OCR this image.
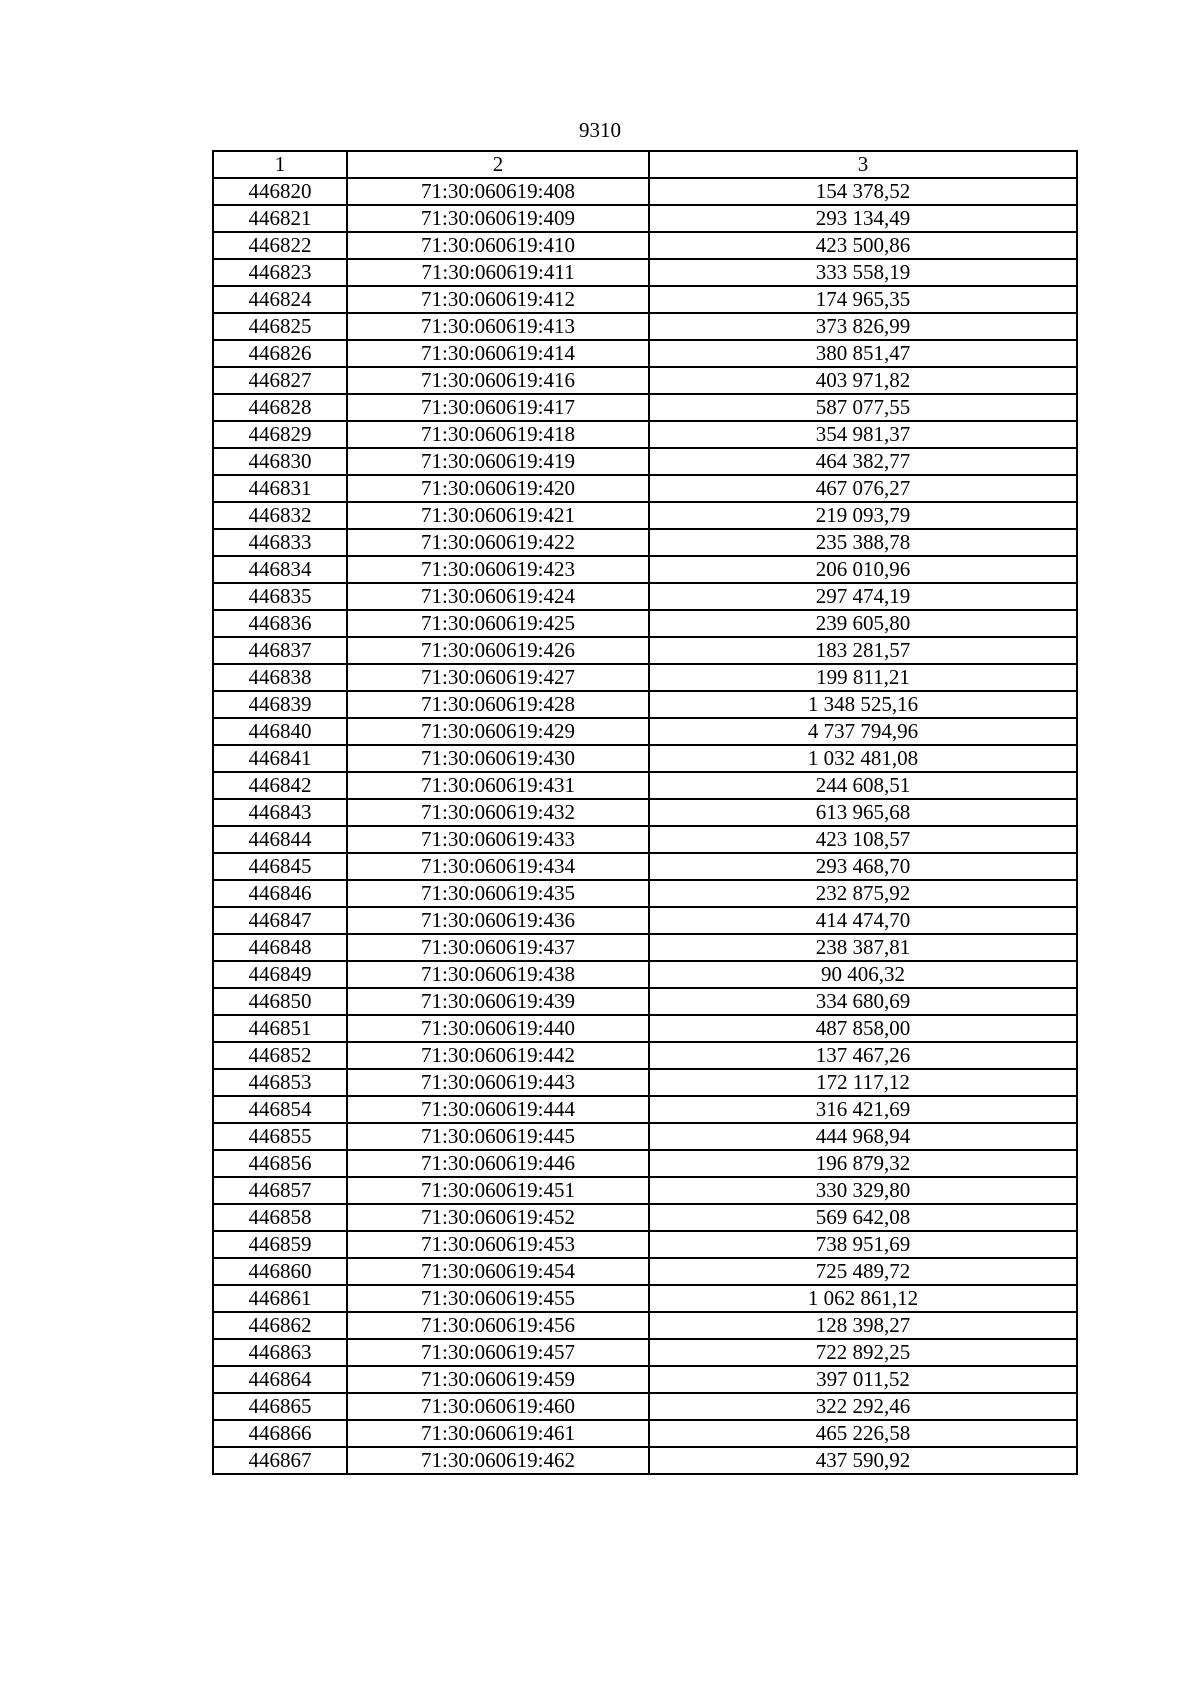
9310
1	2	3
446820	71:30:060619:408	154 378,52
446821	71:30:060619:409	293 134,49
446822	71:30:060619:410	423 500,86
446823	71:30:060619:411	333 558,19
446824	71:30:060619:412	174 965,35
446825	71:30:060619:413	373 826,99
446826	71:30:060619:414	380 851,47
446827	71:30:060619:416	403 971,82
446828	71:30:060619:417	587 077,55
446829	71:30:060619:418	354 981,37
446830	71:30:060619:419	464 382,77
446831	71:30:060619:420	467 076,27
446832	71:30:060619:421	219 093,79
446833	71:30:060619:422	235 388,78
446834	71:30:060619:423	206 010,96
446835	71:30:060619:424	297 474,19
446836	71:30:060619:425	239 605,80
446837	71:30:060619:426	183 281,57
446838	71:30:060619:427	199 811,21
446839	71:30:060619:428	1 348 525,16
446840	71:30:060619:429	4 737 794,96
446841	71:30:060619:430	1 032 481,08
446842	71:30:060619:431	244 608,51
446843	71:30:060619:432	613 965,68
446844	71:30:060619:433	423 108,57
446845	71:30:060619:434	293 468,70
446846	71:30:060619:435	232 875,92
446847	71:30:060619:436	414 474,70
446848	71:30:060619:437	238 387,81
446849	71:30:060619:438	90 406,32
446850	71:30:060619:439	334 680,69
446851	71:30:060619:440	487 858,00
446852	71:30:060619:442	137 467,26
446853	71:30:060619:443	172 117,12
446854	71:30:060619:444	316 421,69
446855	71:30:060619:445	444 968,94
446856	71:30:060619:446	196 879,32
446857	71:30:060619:451	330 329,80
446858	71:30:060619:452	569 642,08
446859	71:30:060619:453	738 951,69
446860	71:30:060619:454	725 489,72
446861	71:30:060619:455	1 062 861,12
446862	71:30:060619:456	128 398,27
446863	71:30:060619:457	722 892,25
446864	71:30:060619:459	397 011,52
446865	71:30:060619:460	322 292,46
446866	71:30:060619:461	465 226,58
446867	71:30:060619:462	437 590,92
